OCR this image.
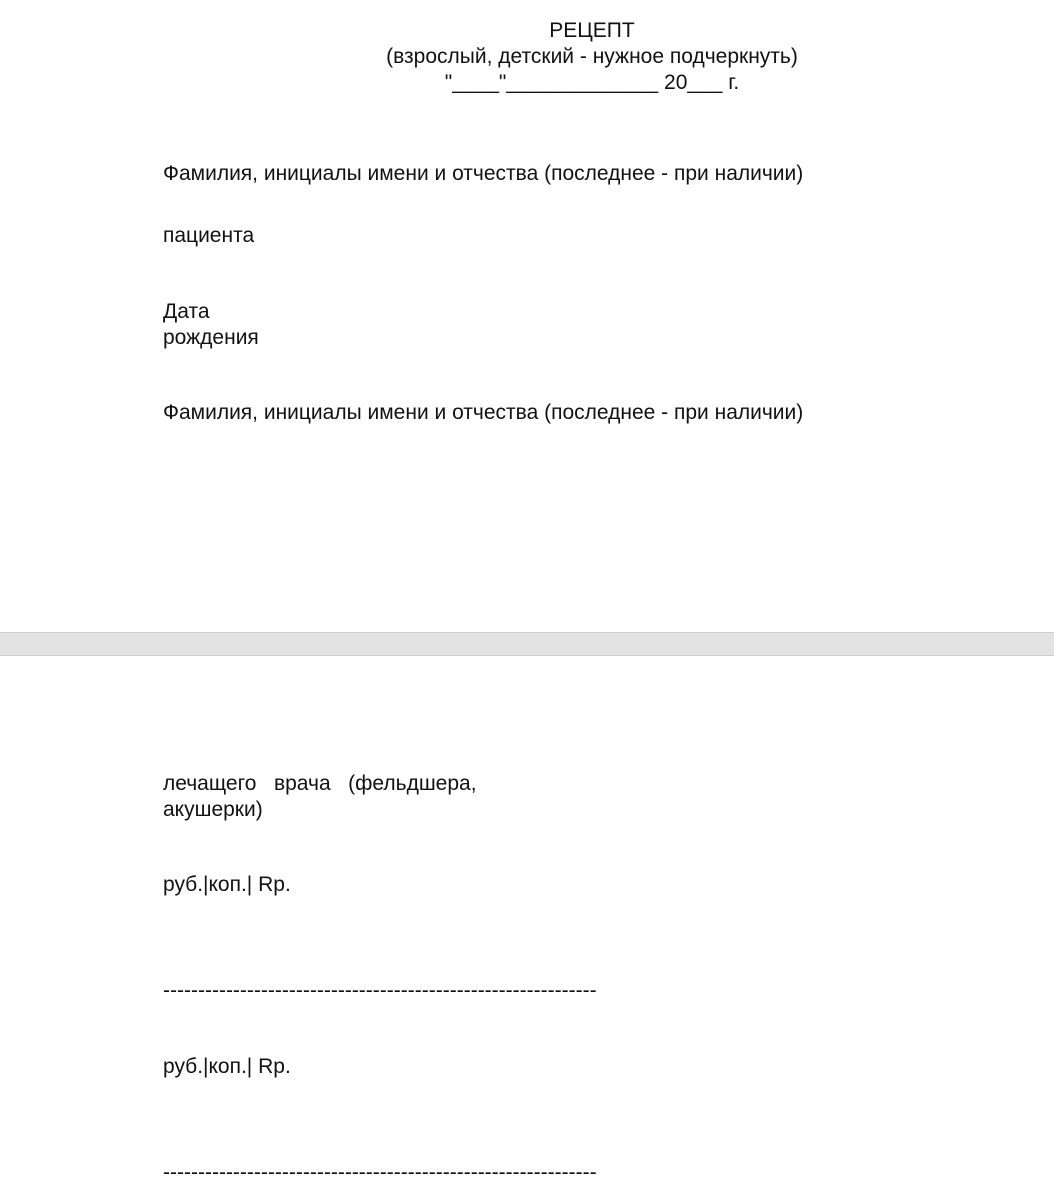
РЕЦЕПТ
(взрослый, детский - нужное подчеркнуть)
"____"_____________ 20___ г.
Фамилия, инициалы имени и отчества (последнее - при наличии)
пациента
Дата
рождения
Фамилия, инициалы имени и отчества (последнее - при наличии)
лечащего   врача   (фельдшера,
акушерки)
руб.|коп.| Rp.
--------------------------------------------------------------
руб.|коп.| Rp.
--------------------------------------------------------------
